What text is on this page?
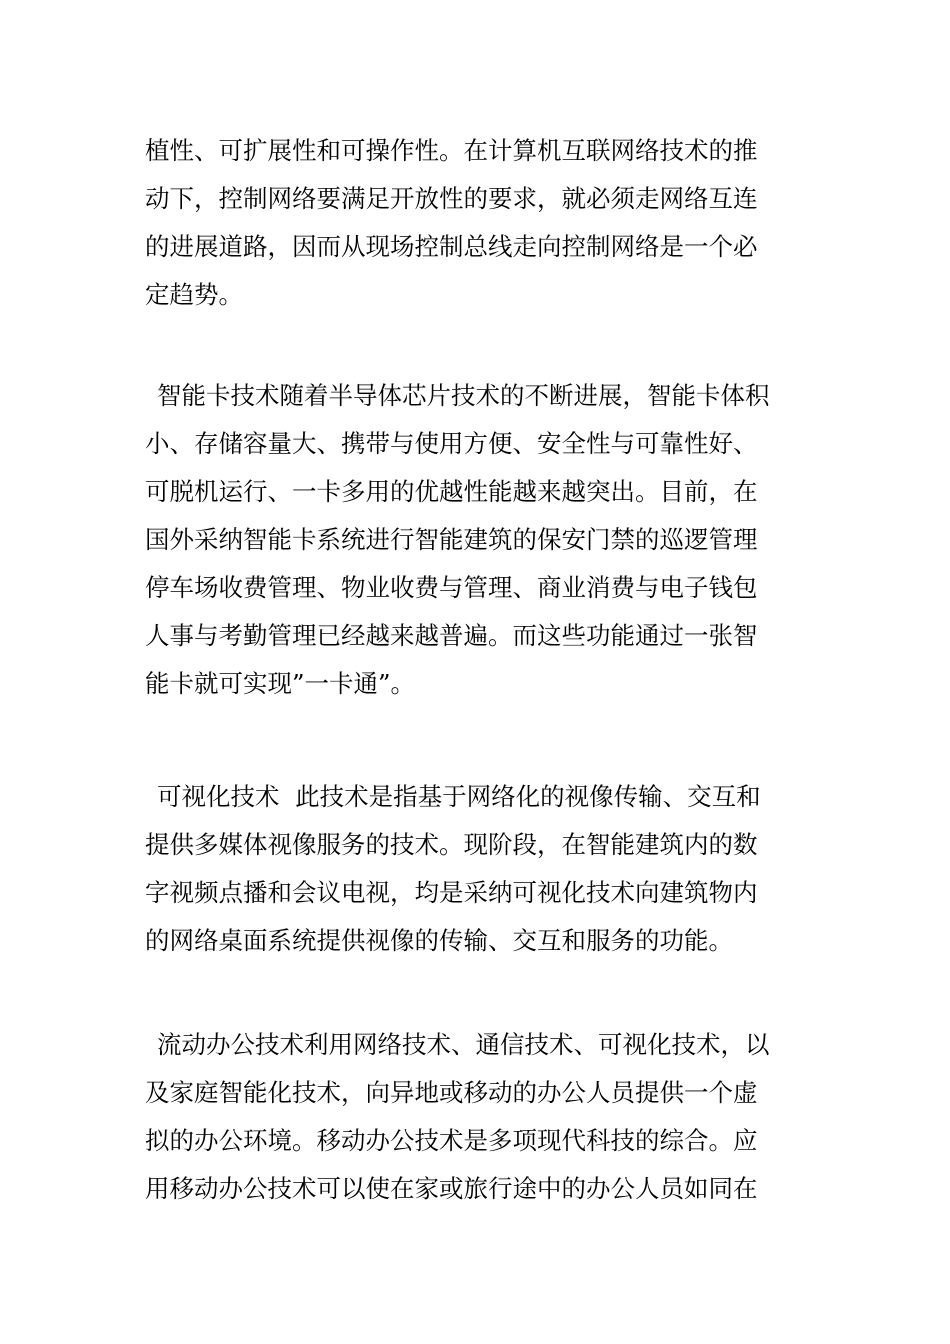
植性、可扩展性和可操作性。在计算机互联网络技术的推
动下，控制网络要满足开放性的要求，就必须走网络互连
的进展道路，因而从现场控制总线走向控制网络是一个必
定趋势。
智能卡技术随着半导体芯片技术的不断进展，智能卡体积
小、存储容量大、携带与使用方便、安全性与可靠性好、
可脱机运行、一卡多用的优越性能越来越突出。目前，在
国外采纳智能卡系统进行智能建筑的保安门禁的巡逻管理
停车场收费管理、物业收费与管理、商业消费与电子钱包
人事与考勤管理已经越来越普遍。而这些功能通过一张智
能卡就可实现”一卡通”。
可视化技术  此技术是指基于网络化的视像传输、交互和
提供多媒体视像服务的技术。现阶段，在智能建筑内的数
字视频点播和会议电视，均是采纳可视化技术向建筑物内
的网络桌面系统提供视像的传输、交互和服务的功能。
流动办公技术利用网络技术、通信技术、可视化技术，以
及家庭智能化技术，向异地或移动的办公人员提供一个虚
拟的办公环境。移动办公技术是多项现代科技的综合。应
用移动办公技术可以使在家或旅行途中的办公人员如同在
